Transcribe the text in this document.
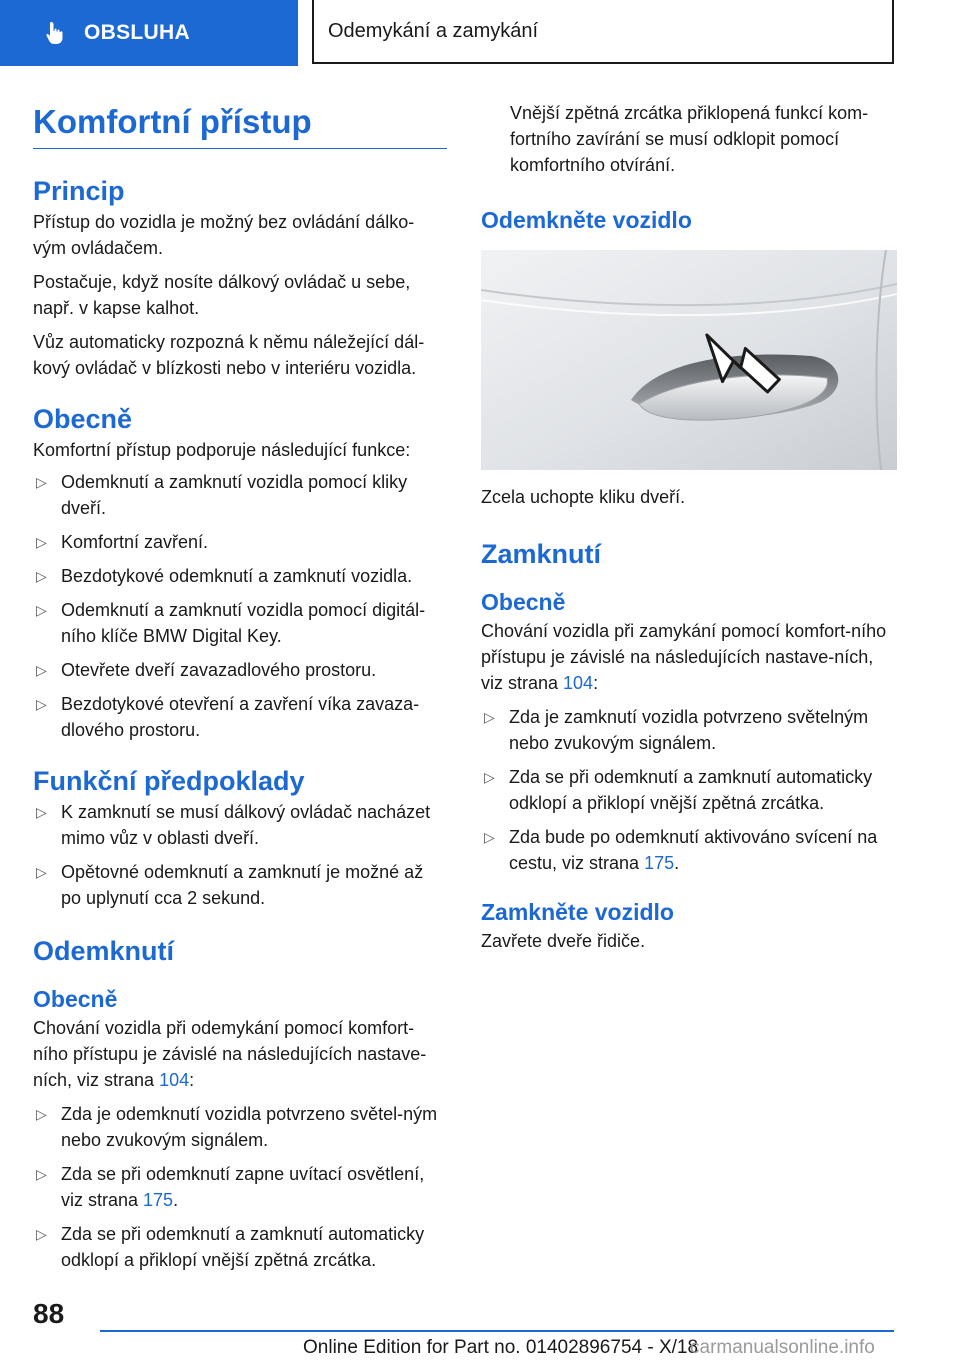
OBSLUHA	Odemykání a zamykání
Komfortní přístup
Princip

Přístup do vozidla je možný bez ovládání dálko‐vým ovládačem.

Postačuje, když nosíte dálkový ovládač u sebe, např. v kapse kalhot.

Vůz automaticky rozpozná k němu náležející dál‐kový ovládač v blízkosti nebo v interiéru vozidla.

Obecně

Komfortní přístup podporuje následující funkce:

▷ Odemknutí a zamknutí vozidla pomocí kliky dveří.
▷ Komfortní zavření.
▷ Bezdotykové odemknutí a zamknutí vozidla.
▷ Odemknutí a zamknutí vozidla pomocí digitál‐ního klíče BMW Digital Key.
▷ Otevřete dveří zavazadlového prostoru.
▷ Bezdotykové otevření a zavření víka zavaza‐dlového prostoru.
Funkční předpoklady
▷ K zamknutí se musí dálkový ovládač nacházet mimo vůz v oblasti dveří.
▷ Opětovné odemknutí a zamknutí je možné až po uplynutí cca 2 sekund.
Odemknutí
Obecně

Chování vozidla při odemykání pomocí komfort‐ního přístupu je závislé na následujících nastave‐ních, viz strana 104:

▷ Zda je odemknutí vozidla potvrzeno světel‐ným nebo zvukovým signálem.
▷ Zda se při odemknutí zapne uvítací osvětlení, viz strana 175.
▷ Zda se při odemknutí a zamknutí automaticky odklopí a přiklopí vnější zpětná zrcátka.

Vnější zpětná zrcátka přiklopená funkcí kom‐fortního zavírání se musí odklopit pomocí komfortního otvírání.

Odemkněte vozidlo

Zcela uchopte kliku dveří.

Zamknutí
Obecně

Chování vozidla při zamykání pomocí komfort‐ního přístupu je závislé na následujících nastave‐ních, viz strana 104:

▷ Zda je zamknutí vozidla potvrzeno světelným nebo zvukovým signálem.
▷ Zda se při odemknutí a zamknutí automaticky odklopí a přiklopí vnější zpětná zrcátka.
▷ Zda bude po odemknutí aktivováno svícení na cestu, viz strana 175.
Zamkněte vozidlo

Zavřete dveře řidiče.

88
Online Edition for Part no. 01402896754 - X/18
carmanualsonline.info
